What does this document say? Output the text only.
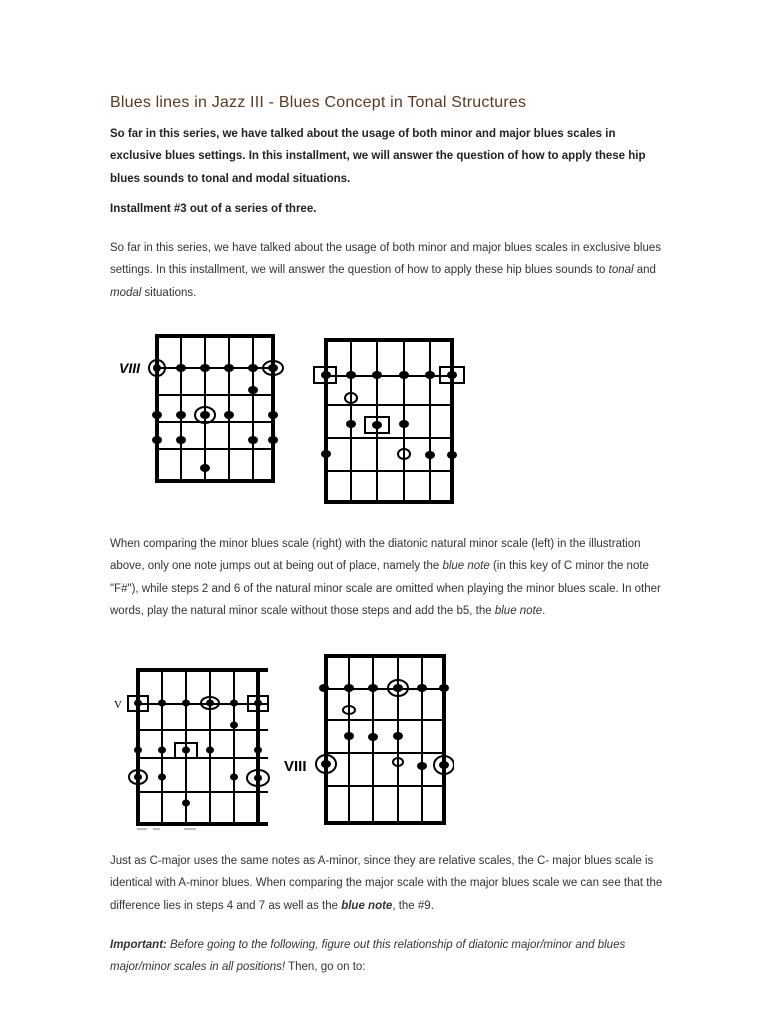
Blues lines in Jazz III - Blues Concept in Tonal Structures

So far in this series, we have talked about the usage of both minor and major blues scales in exclusive blues settings. In this installment, we will answer the question of how to apply these hip blues sounds to tonal and modal situations.

Installment #3 out of a series of three.

So far in this series, we have talked about the usage of both minor and major blues scales in exclusive blues settings. In this installment, we will answer the question of how to apply these hip blues sounds to tonal and modal situations.

VIII

When comparing the minor blues scale (right) with the diatonic natural minor scale (left) in the illustration above, only one note jumps out at being out of place, namely the blue note (in this key of C minor the note "F#"), while steps 2 and 6 of the natural minor scale are omitted when playing the minor blues scale. In other words, play the natural minor scale without those steps and add the b5, the blue note.

V
VIII

Just as C-major uses the same notes as A-minor, since they are relative scales, the C- major blues scale is identical with A-minor blues. When comparing the major scale with the major blues scale we can see that the difference lies in steps 4 and 7 as well as the blue note, the #9.

Important: Before going to the following, figure out this relationship of diatonic major/minor and blues major/minor scales in all positions! Then, go on to:
